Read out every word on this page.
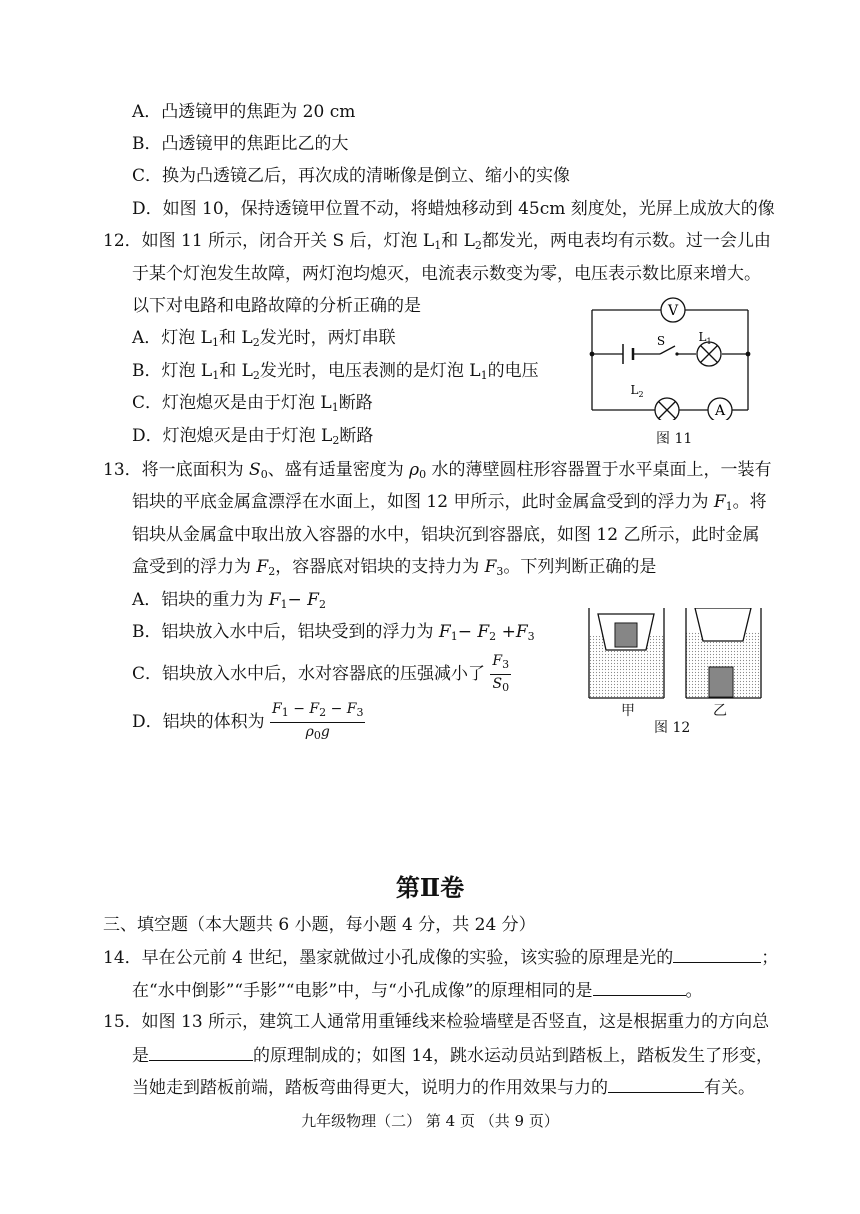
A．凸透镜甲的焦距为 20 cm
B．凸透镜甲的焦距比乙的大
C．换为凸透镜乙后，再次成的清晰像是倒立、缩小的实像
D．如图 10，保持透镜甲位置不动，将蜡烛移动到 45cm 刻度处，光屏上成放大的像
12．如图 11 所示，闭合开关 S 后，灯泡 $L_1$和 $L_2$都发光，两电表均有示数。过一会儿由
于某个灯泡发生故障，两灯泡均熄灭，电流表示数变为零，电压表示数比原来增大。
以下对电路和电路故障的分析正确的是
A．灯泡 $L_1$和 $L_2$发光时，两灯串联
B．灯泡 $L_1$和 $L_2$发光时，电压表测的是灯泡 $L_1$的电压
C．灯泡熄灭是由于灯泡 $L_1$断路
D．灯泡熄灭是由于灯泡 $L_2$断路
V
S	$L_1$
$L_2$
A
图 11
13．将一底面积为 $S_0$、盛有适量密度为 $\rho_0$ 水的薄壁圆柱形容器置于水平桌面上，一装有
铝块的平底金属盒漂浮在水面上，如图 12 甲所示，此时金属盒受到的浮力为 $F_1$。将
铝块从金属盒中取出放入容器的水中，铝块沉到容器底，如图 12 乙所示，此时金属
盒受到的浮力为 $F_2$，容器底对铝块的支持力为 $F_3$。下列判断正确的是
A．铝块的重力为 $F_1- F_2$
B．铝块放入水中后，铝块受到的浮力为 $F_1- F_2 +F_3$
C．铝块放入水中后，水对容器底的压强减小了 $\frac{F_3}{S_0}$
D．铝块的体积为 $\frac{F_1 - F_2 - F_3}{\rho_0g}$	甲	乙
图 12
第Ⅱ卷
三、填空题（本大题共 6 小题，每小题 4 分，共 24 分）
14．早在公元前 4 世纪，墨家就做过小孔成像的实验，该实验的原理是光的	；
在“水中倒影”“手影”“电影”中，与“小孔成像”的原理相同的是	。
15．如图 13 所示，建筑工人通常用重锤线来检验墙壁是否竖直，这是根据重力的方向总
是	的原理制成的；如图 14，跳水运动员站到踏板上，踏板发生了形变，
当她走到踏板前端，踏板弯曲得更大，说明力的作用效果与力的	有关。
九年级物理（二） 第 4 页 （共 9 页）
